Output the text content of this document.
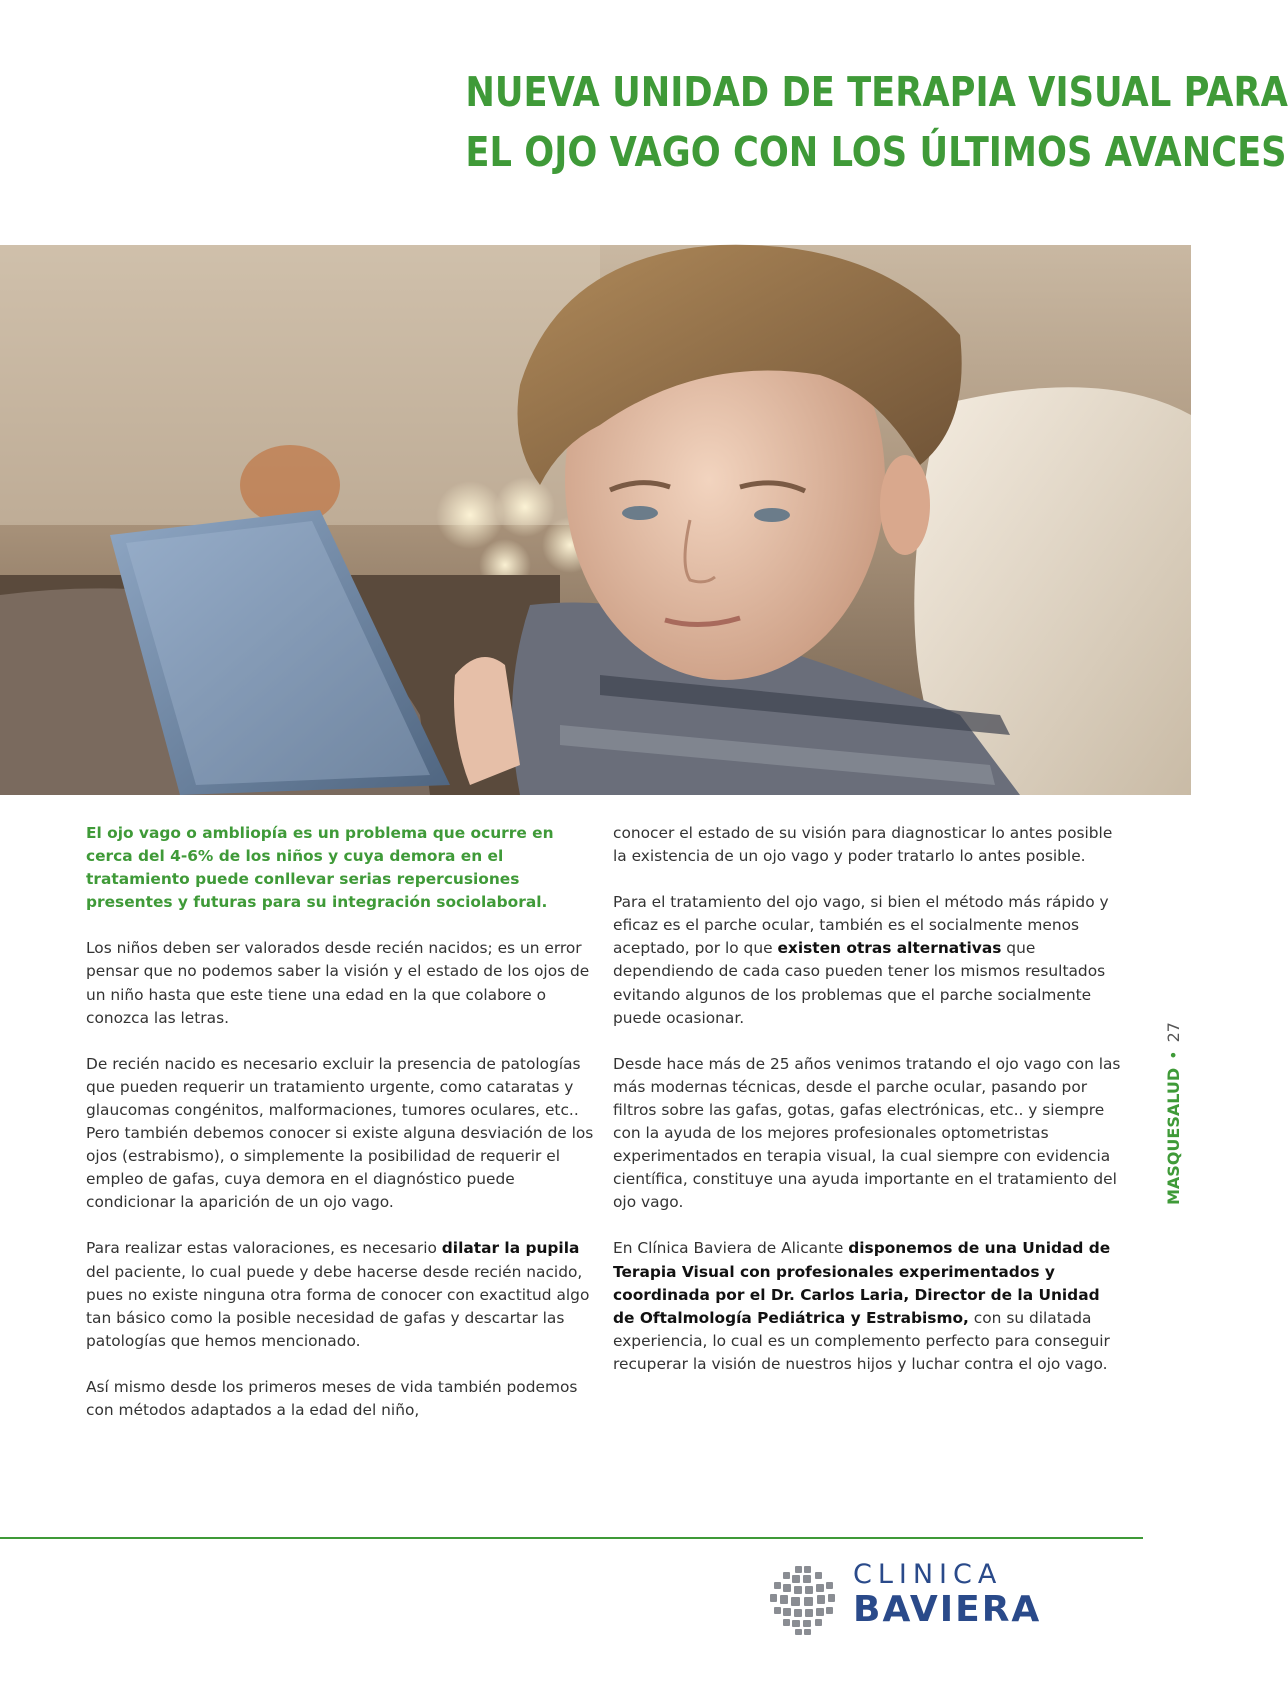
NUEVA UNIDAD DE TERAPIA VISUAL PARA
EL OJO VAGO CON LOS ÚLTIMOS AVANCES

El ojo vago o ambliopía es un problema que ocurre en cerca del 4-6% de los niños y cuya demora en el tratamiento puede conllevar serias repercusiones presentes y futuras para su integración sociolaboral.

Los niños deben ser valorados desde recién nacidos; es un error pensar que no podemos saber la visión y el estado de los ojos de un niño hasta que este tiene una edad en la que colabore o conozca las letras.

De recién nacido es necesario excluir la presencia de patologías que pueden requerir un tratamiento urgente, como cataratas y glaucomas congénitos, malformaciones, tumores oculares, etc.. Pero también debemos conocer si existe alguna desviación de los ojos (estrabismo), o simplemente la posibilidad de requerir el empleo de gafas, cuya demora en el diagnóstico puede condicionar la aparición de un ojo vago.

Para realizar estas valoraciones, es necesario dilatar la pupila del paciente, lo cual puede y debe hacerse desde recién nacido, pues no existe ninguna otra forma de conocer con exactitud algo tan básico como la posible necesidad de gafas y descartar las patologías que hemos mencionado.

Así mismo desde los primeros meses de vida también podemos con métodos adaptados a la edad del niño,

conocer el estado de su visión para diagnosticar lo antes posible la existencia de un ojo vago y poder tratarlo lo antes posible.

Para el tratamiento del ojo vago, si bien el método más rápido y eficaz es el parche ocular, también es el socialmente menos aceptado, por lo que existen otras alternativas que dependiendo de cada caso pueden tener los mismos resultados evitando algunos de los problemas que el parche socialmente puede ocasionar.

Desde hace más de 25 años venimos tratando el ojo vago con las más modernas técnicas, desde el parche ocular, pasando por filtros sobre las gafas, gotas, gafas electrónicas, etc.. y siempre con la ayuda de los mejores profesionales optometristas experimentados en terapia visual, la cual siempre con evidencia científica, constituye una ayuda importante en el tratamiento del ojo vago.

En Clínica Baviera de Alicante disponemos de una Unidad de Terapia Visual con profesionales experimentados y coordinada por el Dr. Carlos Laria, Director de la Unidad de Oftalmología Pediátrica y Estrabismo, con su dilatada experiencia, lo cual es un complemento perfecto para conseguir recuperar la visión de nuestros hijos y luchar contra el ojo vago.

MASQUESALUD•27
CLINICA
BAVIERA
